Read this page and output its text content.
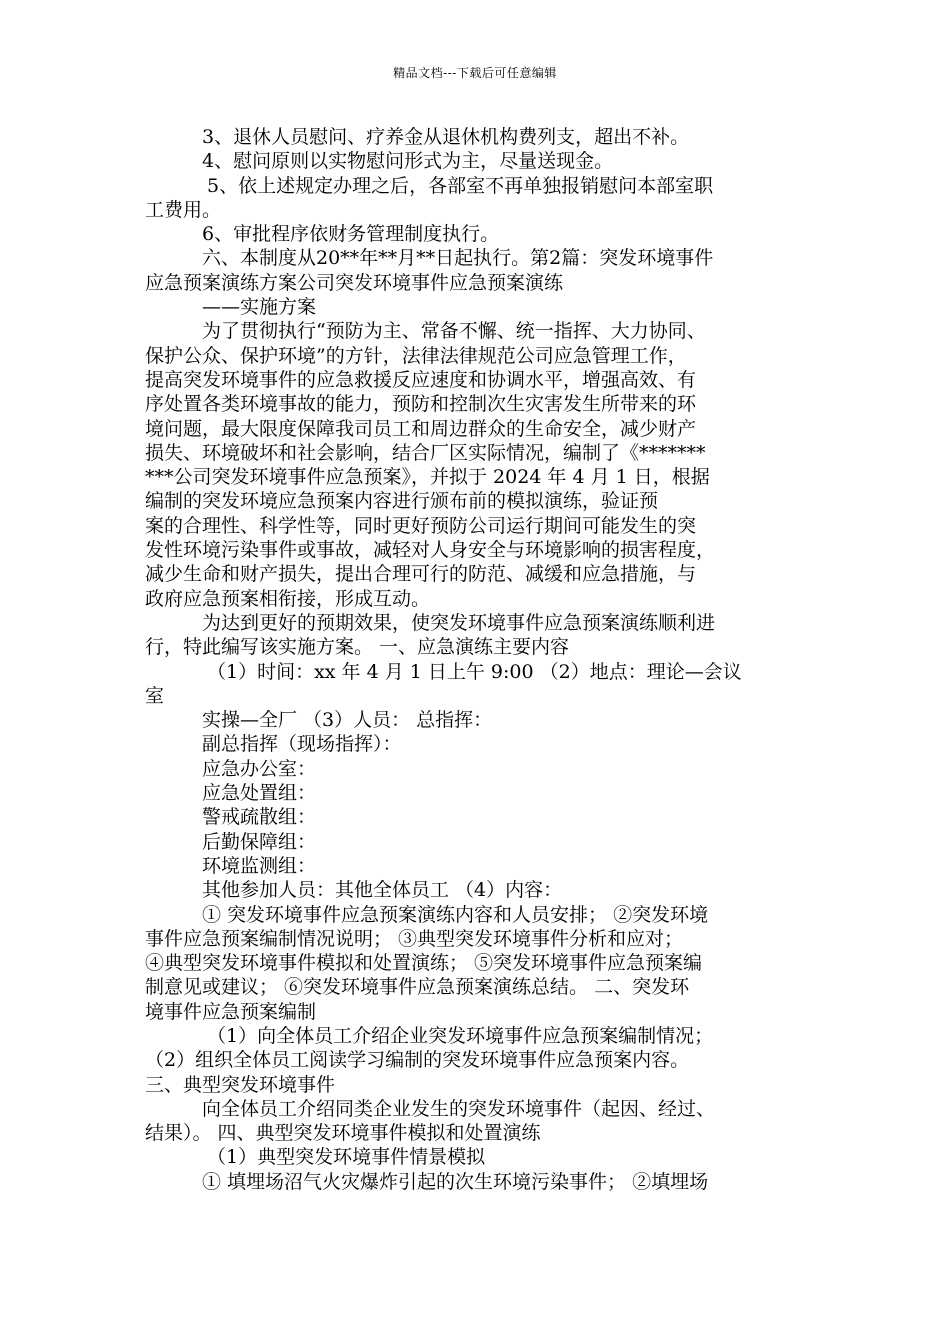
精品文档---下载后可任意编辑
3、退休人员慰问、疗养金从退休机构费列支，超出不补。
4、慰问原则以实物慰问形式为主，尽量送现金。
5、依上述规定办理之后，各部室不再单独报销慰问本部室职
工费用。
6、审批程序依财务管理制度执行。
六、本制度从20**年**月**日起执行。第2篇：突发环境事件
应急预案演练方案公司突发环境事件应急预案演练
——实施方案
为了贯彻执行“预防为主、常备不懈、统一指挥、大力协同、
保护公众、保护环境”的方针，法律法律规范公司应急管理工作，
提高突发环境事件的应急救援反应速度和协调水平，增强高效、有
序处置各类环境事故的能力，预防和控制次生灾害发生所带来的环
境问题，最大限度保障我司员工和周边群众的生命安全，减少财产
损失、环境破坏和社会影响，结合厂区实际情况，编制了《*******
***公司突发环境事件应急预案》，并拟于 2024 年 4 月 1 日，根据
编制的突发环境应急预案内容进行颁布前的模拟演练，验证预
案的合理性、科学性等，同时更好预防公司运行期间可能发生的突
发性环境污染事件或事故，减轻对人身安全与环境影响的损害程度，
减少生命和财产损失，提出合理可行的防范、减缓和应急措施，与
政府应急预案相衔接，形成互动。
为达到更好的预期效果，使突发环境事件应急预案演练顺利进
行，特此编写该实施方案。 一、应急演练主要内容
（1）时间：xx 年 4 月 1 日上午 9:00 （2）地点：理论—会议
室
实操—全厂 （3）人员： 总指挥：
副总指挥（现场指挥）：
应急办公室：
应急处置组：
警戒疏散组：
后勤保障组：
环境监测组：
其他参加人员：其他全体员工 （4）内容：
① 突发环境事件应急预案演练内容和人员安排； ②突发环境
事件应急预案编制情况说明； ③典型突发环境事件分析和应对；
④典型突发环境事件模拟和处置演练； ⑤突发环境事件应急预案编
制意见或建议； ⑥突发环境事件应急预案演练总结。 二、突发环
境事件应急预案编制
（1）向全体员工介绍企业突发环境事件应急预案编制情况；
（2）组织全体员工阅读学习编制的突发环境事件应急预案内容。
三、典型突发环境事件
向全体员工介绍同类企业发生的突发环境事件（起因、经过、
结果）。 四、典型突发环境事件模拟和处置演练
（1）典型突发环境事件情景模拟
① 填埋场沼气火灾爆炸引起的次生环境污染事件； ②填埋场
